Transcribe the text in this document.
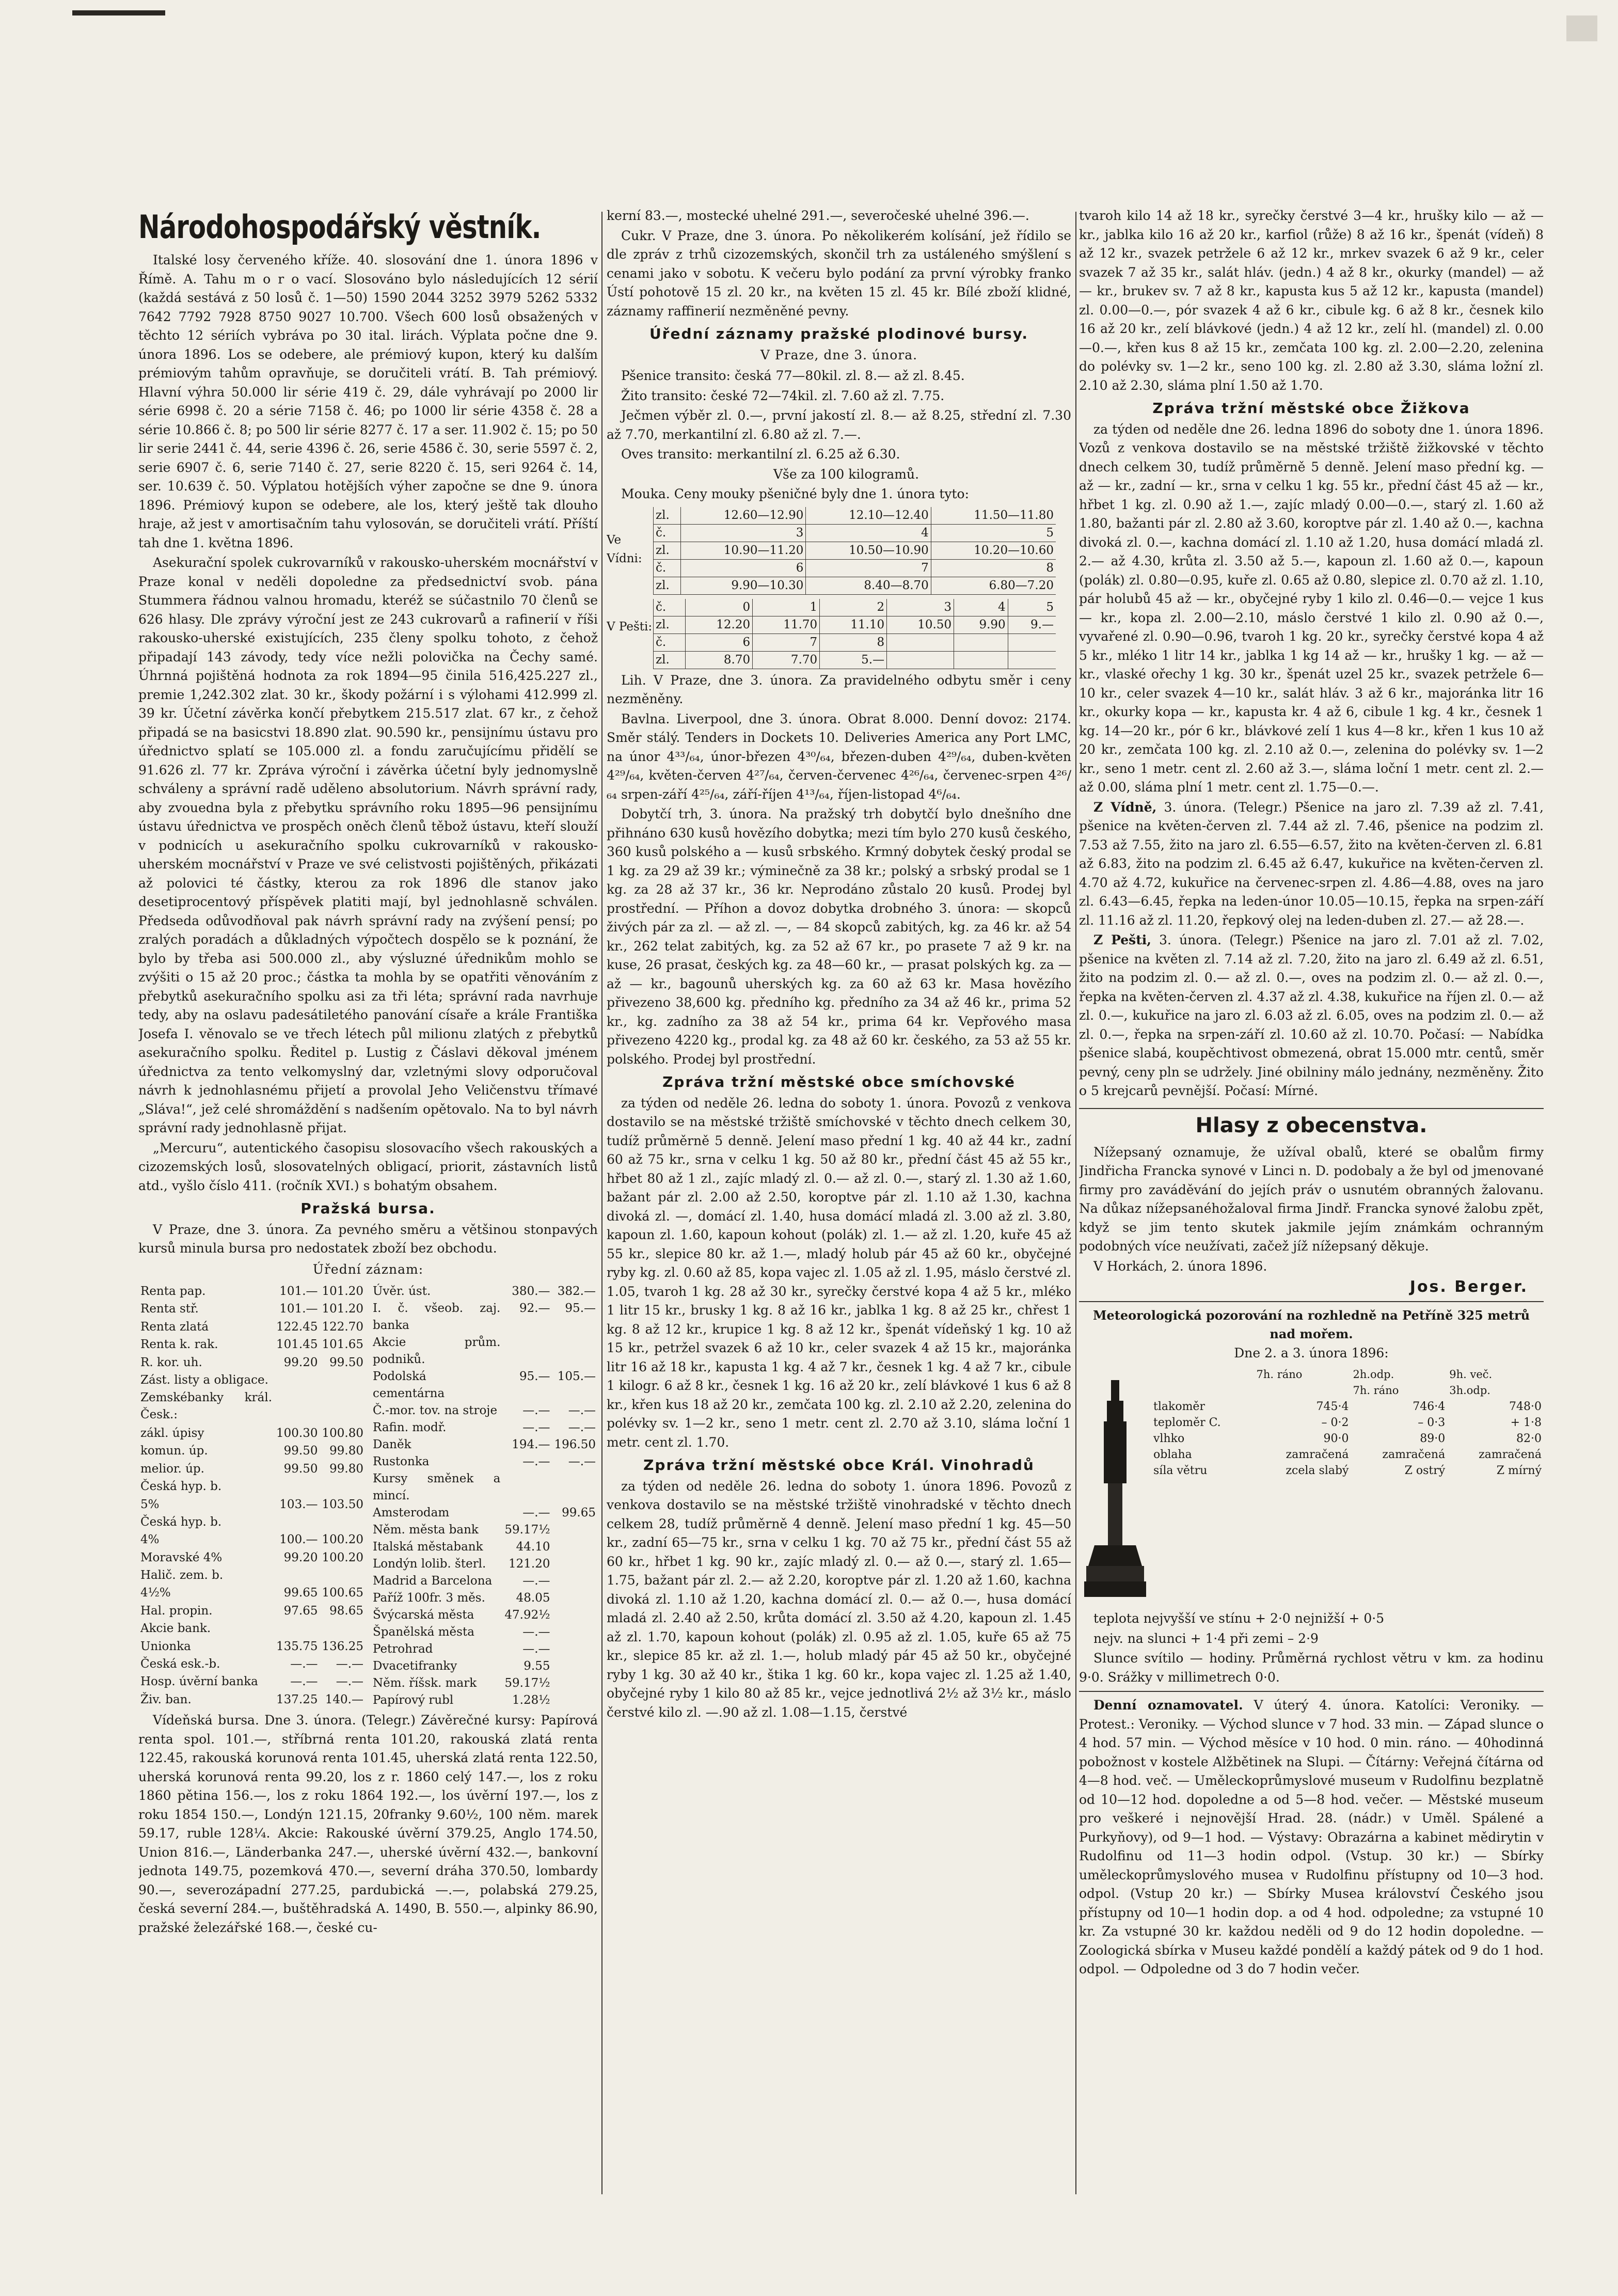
Národohospodářský věstník.

Italské losy červeného kříže. 40. slosování dne 1. února 1896 v Římě. A. Tahu m o r o vací. Slosováno bylo následujících 12 sérií (každá sestává z 50 losů č. 1—50) 1590 2044 3252 3979 5262 5332 7642 7792 7928 8750 9027 10.700. Všech 600 losů obsažených v těchto 12 sériích vybráva po 30 ital. lirách. Výplata počne dne 9. února 1896. Los se odebere, ale prémiový kupon, který ku dalším prémiovým tahům opravňuje, se doručiteli vrátí. B. Tah prémiový. Hlavní výhra 50.000 lir série 419 č. 29, dále vyhrávají po 2000 lir série 6998 č. 20 a série 7158 č. 46; po 1000 lir série 4358 č. 28 a série 10.866 č. 8; po 500 lir série 8277 č. 17 a ser. 11.902 č. 15; po 50 lir serie 2441 č. 44, serie 4396 č. 26, serie 4586 č. 30, serie 5597 č. 2, serie 6907 č. 6, serie 7140 č. 27, serie 8220 č. 15, seri 9264 č. 14, ser. 10.639 č. 50. Výplatou hotějších výher započne se dne 9. února 1896. Prémiový kupon se odebere, ale los, který ještě tak dlouho hraje, až jest v amortisačním tahu vylosován, se doručiteli vrátí. Příští tah dne 1. května 1896.

Asekurační spolek cukrovarníků v rakousko-uherském mocnářství v Praze konal v neděli dopoledne za předsednictví svob. pána Stummera řádnou valnou hromadu, kteréž se súčastnilo 70 členů se 626 hlasy. Dle zprávy výroční jest ze 243 cukrovarů a rafinerií v říši rakousko-uherské existujících, 235 členy spolku tohoto, z čehož připadají 143 závody, tedy více nežli polovička na Čechy samé. Úhrnná pojištěná hodnota za rok 1894—95 činila 516,425.227 zl., premie 1,242.302 zlat. 30 kr., škody požární i s výlohami 412.999 zl. 39 kr. Účetní závěrka končí přebytkem 215.517 zlat. 67 kr., z čehož připadá se na basicstvi 18.890 zlat. 90.590 kr., pensijnímu ústavu pro úřednictvo splatí se 105.000 zl. a fondu zaručujícímu přidělí se 91.626 zl. 77 kr. Zpráva výroční i závěrka účetní byly jednomyslně schváleny a správní radě uděleno absolutorium. Návrh správní rady, aby zvouedna byla z přebytku správního roku 1895—96 pensijnímu ústavu úřednictva ve prospěch oněch členů těbož ústavu, kteří slouží v podnicích u asekuračního spolku cukrovarníků v rakousko-uherském mocnářství v Praze ve své celistvosti pojištěných, přikázati až polovici té částky, kterou za rok 1896 dle stanov jako desetiprocentový příspěvek platiti mají, byl jednohlasně schválen. Předseda odůvodňoval pak návrh správní rady na zvýšení pensí; po zralých poradách a důkladných výpočtech dospělo se k poznání, že bylo by třeba asi 500.000 zl., aby výsluzné úřednikům mohlo se zvýšiti o 15 až 20 proc.; částka ta mohla by se opatřiti věnováním z přebytků asekuračního spolku asi za tři léta; správní rada navrhuje tedy, aby na oslavu padesátiletého panování císaře a krále Františka Josefa I. věnovalo se ve třech létech půl milionu zlatých z přebytků asekuračního spolku. Ředitel p. Lustig z Čáslavi děkoval jménem úřednictva za tento velkomyslný dar, vzletnými slovy odporučoval návrh k jednohlasnému přijetí a provolal Jeho Veličenstvu třímavé „Sláva!“, jež celé shromáždění s nadšením opětovalo. Na to byl návrh správní rady jednohlasně přijat.

„Mercuru“, autentického časopisu slosovacího všech rakouských a cizozemských losů, slosovatelných obligací, priorit, zástavních listů atd., vyšlo číslo 411. (ročník XVI.) s bohatým obsahem.

Pražská bursa.

V Praze, dne 3. února. Za pevného směru a většinou stonpavých kursů minula bursa pro nedostatek zboží bez obchodu.

Úřední záznam:
Renta pap.	101.—	101.20
Renta stř.	101.—	101.20
Renta zlatá	122.45	122.70
Renta k. rak.	101.45	101.65
R. kor. uh.	99.20	99.50
Zást. listy a obligace.		
Zemskébanky král. Česk.:		
zákl. úpisy	100.30	100.80
komun. úp.	99.50	99.80
melior. úp.	99.50	99.80
Česká hyp. b.		
5%	103.—	103.50
Česká hyp. b.		
4%	100.—	100.20
Moravské 4%	99.20	100.20
Halič. zem. b.		
4½%	99.65	100.65
Hal. propin.	97.65	98.65
Akcie bank.		
Unionka	135.75	136.25
Česká esk.-b.	—.—	—.—
Hosp. úvěrní banka	—.—	—.—
Živ. ban.	137.25	140.—
Úvěr. úst.	380.—	382.—
I. č. všeob. zaj. banka	92.—	95.—
Akcie prům. podniků.		
Podolská cementárna	95.—	105.—
Č.-mor. tov. na stroje	—.—	—.—
Rafin. modř.	—.—	—.—
Daněk	194.—	196.50
Rustonka	—.—	—.—
Kursy směnek a mincí.		
Amsterodam	—.—	99.65
Něm. města bank	59.17½	
Italská městabank	44.10	
Londýn lolib. šterl.	121.20	
Madrid a Barcelona	—.—	
Paříž 100fr. 3 měs.	48.05	
Švýcarská města	47.92½	
Španělská města	—.—	
Petrohrad	—.—	
Dvacetifranky	9.55	
Něm. říšsk. mark	59.17½	
Papírový rubl	1.28½	

Vídeňská bursa. Dne 3. února. (Telegr.) Závěrečné kursy: Papírová renta spol. 101.—, stříbrná renta 101.20, rakouská zlatá renta 122.45, rakouská korunová renta 101.45, uherská zlatá renta 122.50, uherská korunová renta 99.20, los z r. 1860 celý 147.—, los z roku 1860 pětina 156.—, los z roku 1864 192.—, los úvěrní 197.—, los z roku 1854 150.—, Londýn 121.15, 20franky 9.60½, 100 něm. marek 59.17, ruble 128¼. Akcie: Rakouské úvěrní 379.25, Anglo 174.50, Union 816.—, Länderbanka 247.—, uherské úvěrní 432.—, bankovní jednota 149.75, pozemková 470.—, severní dráha 370.50, lombardy 90.—, severozápadní 277.25, pardubická —.—, polabská 279.25, česká severní 284.—, buštěhradská A. 1490, B. 550.—, alpinky 86.90, pražské železářské 168.—, české cu-

kerní 83.—, mostecké uhelné 291.—, severočeské uhelné 396.—.

Cukr. V Praze, dne 3. února. Po několikerém kolísání, jež řídilo se dle zpráv z trhů cizozemských, skončil trh za ustáleného smýšlení s cenami jako v sobotu. K večeru bylo podání za první výrobky franko Ústí pohotově 15 zl. 20 kr., na květen 15 zl. 45 kr. Bílé zboží klidné, záznamy raffinerií nezměněné pevny.

Úřední záznamy pražské plodinové bursy.
V Praze, dne 3. února.

Pšenice transito: česká 77—80kil. zl. 8.— až zl. 8.45.

Žito transito: české 72—74kil. zl. 7.60 až zl. 7.75.

Ječmen výběr zl. 0.—, první jakostí zl. 8.— až 8.25, střední zl. 7.30 až 7.70, merkantilní zl. 6.80 až zl. 7.—.

Oves transito: merkantilní zl. 6.25 až 6.30.

Vše za 100 kilogramů.

Mouka. Ceny mouky pšeničné byly dne 1. února tyto:

Ve Vídni:
zl.	12.60—12.90	12.10—12.40	11.50—11.80
č.	3	4	5
zl.	10.90—11.20	10.50—10.90	10.20—10.60
č.	6	7	8
zl.	9.90—10.30	8.40—8.70	6.80—7.20
V Pešti:
č.	0	1	2	3	4	5
zl.	12.20	11.70	11.10	10.50	9.90	9.—
č.	6	7	8			
zl.	8.70	7.70	5.—			

Lih. V Praze, dne 3. února. Za pravidelného odbytu směr i ceny nezměněny.

Bavlna. Liverpool, dne 3. února. Obrat 8.000. Denní dovoz: 2174. Směr stálý. Tenders in Dockets 10. Deliveries America any Port LMC, na únor 4³³/₆₄, únor-březen 4³⁰/₆₄, březen-duben 4²⁹/₆₄, duben-květen 4²⁹/₆₄, květen-červen 4²⁷/₆₄, červen-červenec 4²⁶/₆₄, červenec-srpen 4²⁶/₆₄ srpen-září 4²⁵/₆₄, září-říjen 4¹³/₆₄, říjen-listopad 4⁶/₆₄.

Dobytčí trh, 3. února. Na pražský trh dobytčí bylo dnešního dne přihnáno 630 kusů hovězího dobytka; mezi tím bylo 270 kusů českého, 360 kusů polského a — kusů srbského. Krmný dobytek český prodal se 1 kg. za 29 až 39 kr.; výminečně za 38 kr.; polský a srbský prodal se 1 kg. za 28 až 37 kr., 36 kr. Neprodáno zůstalo 20 kusů. Prodej byl prostřední. — Příhon a dovoz dobytka drobného 3. února: — skopců živých pár za zl. — až zl. —, — 84 skopců zabitých, kg. za 46 kr. až 54 kr., 262 telat zabitých, kg. za 52 až 67 kr., po prasete 7 až 9 kr. na kuse, 26 prasat, českých kg. za 48—60 kr., — prasat polských kg. za — až — kr., bagounů uherských kg. za 60 až 63 kr. Masa hovězího přivezeno 38,600 kg. předního kg. předního za 34 až 46 kr., prima 52 kr., kg. zadního za 38 až 54 kr., prima 64 kr. Vepřového masa přivezeno 4220 kg., prodal kg. za 48 až 60 kr. českého, za 53 až 55 kr. polského. Prodej byl prostřední.

Zpráva tržní městské obce smíchovské

za týden od neděle 26. ledna do soboty 1. února. Povozů z venkova dostavilo se na městské tržiště smíchovské v těchto dnech celkem 30, tudíž průměrně 5 denně. Jelení maso přední 1 kg. 40 až 44 kr., zadní 60 až 75 kr., srna v celku 1 kg. 50 až 80 kr., přední část 45 až 55 kr., hřbet 80 až 1 zl., zajíc mladý zl. 0.— až zl. 0.—, starý zl. 1.30 až 1.60, bažant pár zl. 2.00 až 2.50, koroptve pár zl. 1.10 až 1.30, kachna divoká zl. —, domácí zl. 1.40, husa domácí mladá zl. 3.00 až zl. 3.80, kapoun zl. 1.60, kapoun kohout (polák) zl. 1.— až zl. 1.20, kuře 45 až 55 kr., slepice 80 kr. až 1.—, mladý holub pár 45 až 60 kr., obyčejné ryby kg. zl. 0.60 až 85, kopa vajec zl. 1.05 až zl. 1.95, máslo čerstvé zl. 1.05, tvaroh 1 kg. 28 až 30 kr., syrečky čerstvé kopa 4 až 5 kr., mléko 1 litr 15 kr., brusky 1 kg. 8 až 16 kr., jablka 1 kg. 8 až 25 kr., chřest 1 kg. 8 až 12 kr., krupice 1 kg. 8 až 12 kr., špenát vídeňský 1 kg. 10 až 15 kr., petržel svazek 6 až 10 kr., celer svazek 4 až 15 kr., majoránka litr 16 až 18 kr., kapusta 1 kg. 4 až 7 kr., česnek 1 kg. 4 až 7 kr., cibule 1 kilogr. 6 až 8 kr., česnek 1 kg. 16 až 20 kr., zelí blávkové 1 kus 6 až 8 kr., křen kus 18 až 20 kr., zemčata 100 kg. zl. 2.10 až 2.20, zelenina do polévky sv. 1—2 kr., seno 1 metr. cent zl. 2.70 až 3.10, sláma loční 1 metr. cent zl. 1.70.

Zpráva tržní městské obce Král. Vinohradů

za týden od neděle 26. ledna do soboty 1. února 1896. Povozů z venkova dostavilo se na městské tržiště vinohradské v těchto dnech celkem 28, tudíž průměrně 4 denně. Jelení maso přední 1 kg. 45—50 kr., zadní 65—75 kr., srna v celku 1 kg. 70 až 75 kr., přední část 55 až 60 kr., hřbet 1 kg. 90 kr., zajíc mladý zl. 0.— až 0.—, starý zl. 1.65—1.75, bažant pár zl. 2.— až 2.20, koroptve pár zl. 1.20 až 1.60, kachna divoká zl. 1.10 až 1.20, kachna domácí zl. 0.— až 0.—, husa domácí mladá zl. 2.40 až 2.50, krůta domácí zl. 3.50 až 4.20, kapoun zl. 1.45 až zl. 1.70, kapoun kohout (polák) zl. 0.95 až zl. 1.05, kuře 65 až 75 kr., slepice 85 kr. až zl. 1.—, holub mladý pár 45 až 50 kr., obyčejné ryby 1 kg. 30 až 40 kr., štika 1 kg. 60 kr., kopa vajec zl. 1.25 až 1.40, obyčejné ryby 1 kilo 80 až 85 kr., vejce jednotlivá 2½ až 3½ kr., máslo čerstvé kilo zl. —.90 až zl. 1.08—1.15, čerstvé

tvaroh kilo 14 až 18 kr., syrečky čerstvé 3—4 kr., hrušky kilo — až — kr., jablka kilo 16 až 20 kr., karfiol (růže) 8 až 16 kr., špenát (vídeň) 8 až 12 kr., svazek petržele 6 až 12 kr., mrkev svazek 6 až 9 kr., celer svazek 7 až 35 kr., salát hláv. (jedn.) 4 až 8 kr., okurky (mandel) — až — kr., brukev sv. 7 až 8 kr., kapusta kus 5 až 12 kr., kapusta (mandel) zl. 0.00—0.—, pór svazek 4 až 6 kr., cibule kg. 6 až 8 kr., česnek kilo 16 až 20 kr., zelí blávkové (jedn.) 4 až 12 kr., zelí hl. (mandel) zl. 0.00—0.—, křen kus 8 až 15 kr., zemčata 100 kg. zl. 2.00—2.20, zelenina do polévky sv. 1—2 kr., seno 100 kg. zl. 2.80 až 3.30, sláma ložní zl. 2.10 až 2.30, sláma plní 1.50 až 1.70.

Zpráva tržní městské obce Žižkova

za týden od neděle dne 26. ledna 1896 do soboty dne 1. února 1896. Vozů z venkova dostavilo se na městské tržiště žižkovské v těchto dnech celkem 30, tudíž průměrně 5 denně. Jelení maso přední kg. — až — kr., zadní — kr., srna v celku 1 kg. 55 kr., přední část 45 až — kr., hřbet 1 kg. zl. 0.90 až 1.—, zajíc mladý 0.00—0.—, starý zl. 1.60 až 1.80, bažanti pár zl. 2.80 až 3.60, koroptve pár zl. 1.40 až 0.—, kachna divoká zl. 0.—, kachna domácí zl. 1.10 až 1.20, husa domácí mladá zl. 2.— až 4.30, krůta zl. 3.50 až 5.—, kapoun zl. 1.60 až 0.—, kapoun (polák) zl. 0.80—0.95, kuře zl. 0.65 až 0.80, slepice zl. 0.70 až zl. 1.10, pár holubů 45 až — kr., obyčejné ryby 1 kilo zl. 0.46—0.— vejce 1 kus — kr., kopa zl. 2.00—2.10, máslo čerstvé 1 kilo zl. 0.90 až 0.—, vyvařené zl. 0.90—0.96, tvaroh 1 kg. 20 kr., syrečky čerstvé kopa 4 až 5 kr., mléko 1 litr 14 kr., jablka 1 kg 14 až — kr., hrušky 1 kg. — až — kr., vlaské ořechy 1 kg. 30 kr., špenát uzel 25 kr., svazek petržele 6—10 kr., celer svazek 4—10 kr., salát hláv. 3 až 6 kr., majoránka litr 16 kr., okurky kopa — kr., kapusta kr. 4 až 6, cibule 1 kg. 4 kr., česnek 1 kg. 14—20 kr., pór 6 kr., blávkové zelí 1 kus 4—8 kr., křen 1 kus 10 až 20 kr., zemčata 100 kg. zl. 2.10 až 0.—, zelenina do polévky sv. 1—2 kr., seno 1 metr. cent zl. 2.60 až 3.—, sláma loční 1 metr. cent zl. 2.— až 0.00, sláma plní 1 metr. cent zl. 1.75—0.—.

Z Vídně, 3. února. (Telegr.) Pšenice na jaro zl. 7.39 až zl. 7.41, pšenice na květen-červen zl. 7.44 až zl. 7.46, pšenice na podzim zl. 7.53 až 7.55, žito na jaro zl. 6.55—6.57, žito na květen-červen zl. 6.81 až 6.83, žito na podzim zl. 6.45 až 6.47, kukuřice na květen-červen zl. 4.70 až 4.72, kukuřice na červenec-srpen zl. 4.86—4.88, oves na jaro zl. 6.43—6.45, řepka na leden-únor 10.05—10.15, řepka na srpen-září zl. 11.16 až zl. 11.20, řepkový olej na leden-duben zl. 27.— až 28.—.

Z Pešti, 3. února. (Telegr.) Pšenice na jaro zl. 7.01 až zl. 7.02, pšenice na květen zl. 7.14 až zl. 7.20, žito na jaro zl. 6.49 až zl. 6.51, žito na podzim zl. 0.— až zl. 0.—, oves na podzim zl. 0.— až zl. 0.—, řepka na květen-červen zl. 4.37 až zl. 4.38, kukuřice na říjen zl. 0.— až zl. 0.—, kukuřice na jaro zl. 6.03 až zl. 6.05, oves na podzim zl. 0.— až zl. 0.—, řepka na srpen-září zl. 10.60 až zl. 10.70. Počasí: — Nabídka pšenice slabá, koupěchtivost obmezená, obrat 15.000 mtr. centů, směr pevný, ceny pln se udržely. Jiné obilniny málo jednány, nezměněny. Žito o 5 krejcarů pevnější. Počasí: Mírné.

Hlasy z obecenstva.

Nížepsaný oznamuje, že užíval obalů, které se obalům firmy Jindřicha Francka synové v Linci n. D. podobaly a že byl od jmenované firmy pro zaváděvání do jejích práv o usnutém obranných žalovanu. Na důkaz nížepsanéhožaloval firma Jindř. Francka synové žalobu zpět, když se jim tento skutek jakmile jejím známkám ochranným podobných více neužívati, začež jíž nížepsaný děkuje.

V Horkách, 2. února 1896.

Jos. Berger.
Meteorologická pozorování na rozhledně na Petříně 325 metrů nad mořem.
Dne 2. a 3. února 1896:
	7h. ráno	2h.odp.	9h. več.
		7h. ráno	3h.odp.
tlakoměr	745·4	746·4	748·0
teploměr C.	– 0·2	– 0·3	+ 1·8
vlhko	90·0	89·0	82·0
oblaha	zamračená	zamračená	zamračená
síla větru	zcela slabý	Z ostrý	Z mírný

teplota nejvyšší ve stínu + 2·0 nejnižší + 0·5

nejv. na slunci + 1·4 při zemi – 2·9

Slunce svítilo — hodiny. Průměrná rychlost větru v km. za hodinu 9·0. Srážky v millimetrech 0·0.

Denní oznamovatel. V úterý 4. února. Katolíci: Veroniky. — Protest.: Veroniky. — Východ slunce v 7 hod. 33 min. — Západ slunce o 4 hod. 57 min. — Východ měsíce v 10 hod. 0 min. ráno. — 40hodinná pobožnost v kostele Alžbětinek na Slupi. — Čítárny: Veřejná čítárna od 4—8 hod. več. — Uměleckoprůmyslové museum v Rudolfinu bezplatně od 10—12 hod. dopoledne a od 5—8 hod. večer. — Městské museum pro veškeré i nejnovější Hrad. 28. (nádr.) v Uměl. Spálené a Purkyňovy), od 9—1 hod. — Výstavy: Obrazárna a kabinet mědirytin v Rudolfinu od 11—3 hodin odpol. (Vstup. 30 kr.) — Sbírky uměleckoprůmyslového musea v Rudolfinu přístupny od 10—3 hod. odpol. (Vstup 20 kr.) — Sbírky Musea království Českého jsou přístupny od 10—1 hodin dop. a od 4 hod. odpoledne; za vstupné 10 kr. Za vstupné 30 kr. každou neděli od 9 do 12 hodin dopoledne. — Zoologická sbírka v Museu každé pondělí a každý pátek od 9 do 1 hod. odpol. — Odpoledne od 3 do 7 hodin večer.
